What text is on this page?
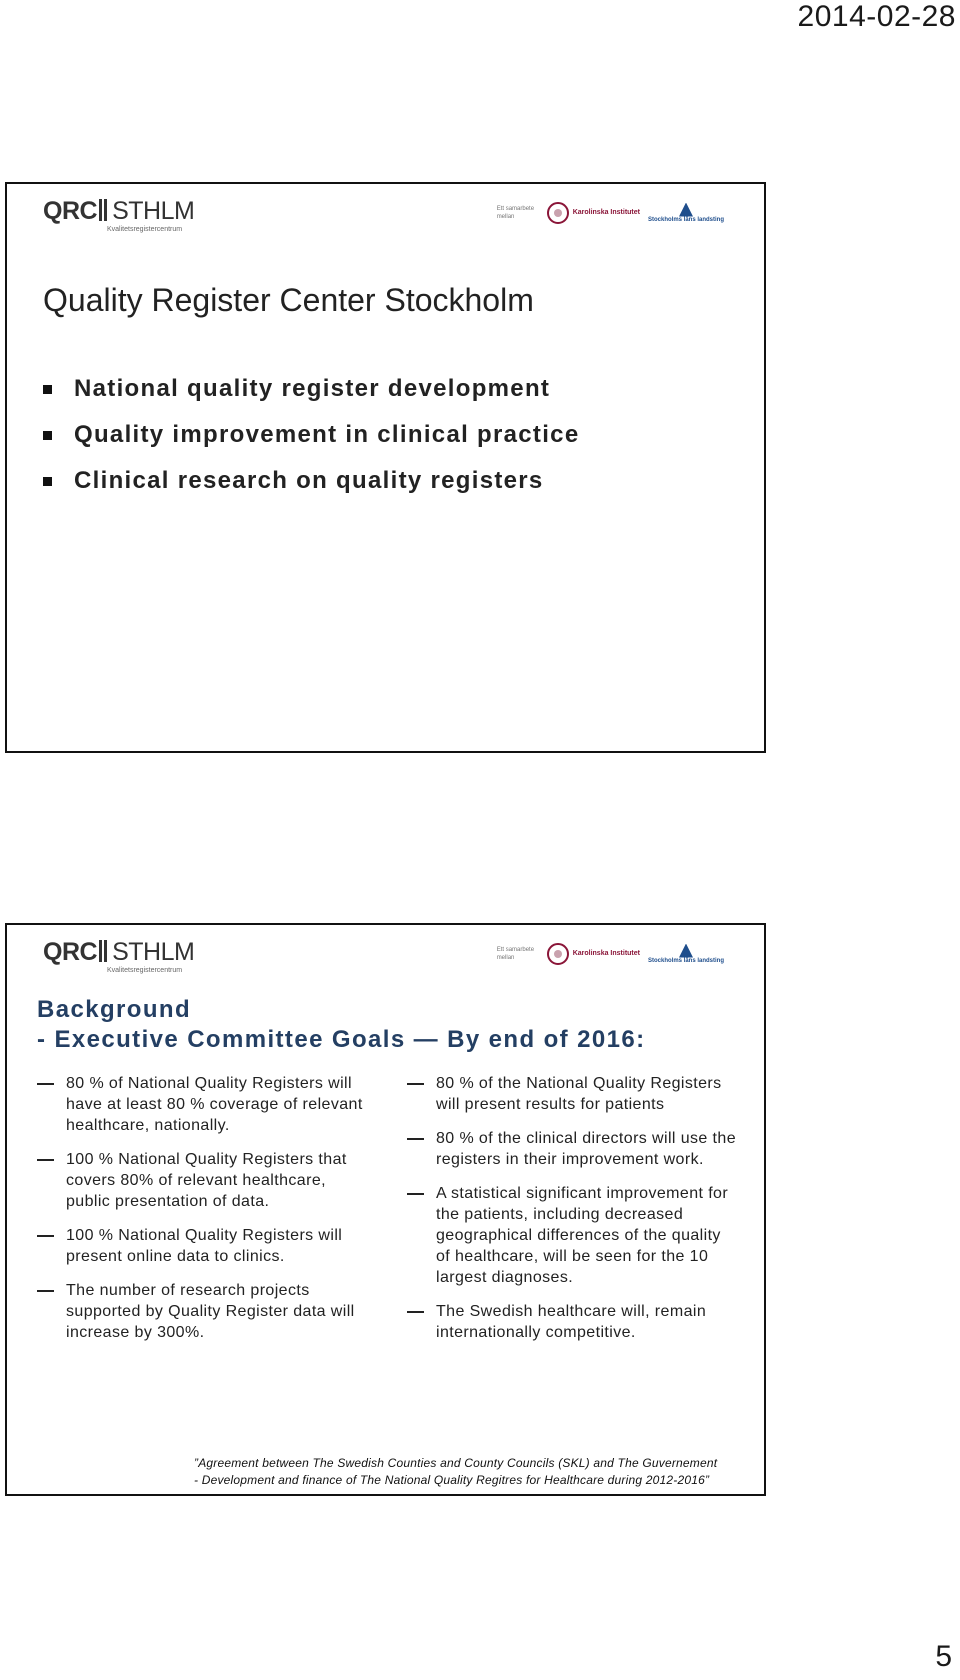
2014-02-28
QRC STHLM
Kvalitetsregistercentrum
Ett samarbete mellan
Karolinska Institutet
Stockholms läns landsting
Quality Register Center Stockholm
National quality register development
Quality improvement in clinical practice
Clinical research on quality registers
QRC STHLM
Kvalitetsregistercentrum
Ett samarbete mellan
Karolinska Institutet
Stockholms läns landsting
Background
- Executive Committee Goals — By end of 2016:
80 % of National Quality Registers will have at least 80 % coverage of relevant healthcare, nationally.
100 % National Quality Registers that covers 80% of relevant healthcare, public presentation of data.
100 % National Quality Registers will present online data to clinics.
The number of research projects supported by Quality Register data will increase by 300%.
80 % of the National Quality Registers will present results for patients
80 % of the clinical directors will use the registers in their improvement work.
A statistical significant improvement for the patients, including decreased geographical differences of the quality of healthcare, will be seen for the 10 largest diagnoses.
The Swedish healthcare will, remain internationally competitive.
”Agreement between The Swedish Counties and County Councils (SKL) and The Guvernement
- Development and finance of The National Quality Regitres for Healthcare during 2012-2016”
5
